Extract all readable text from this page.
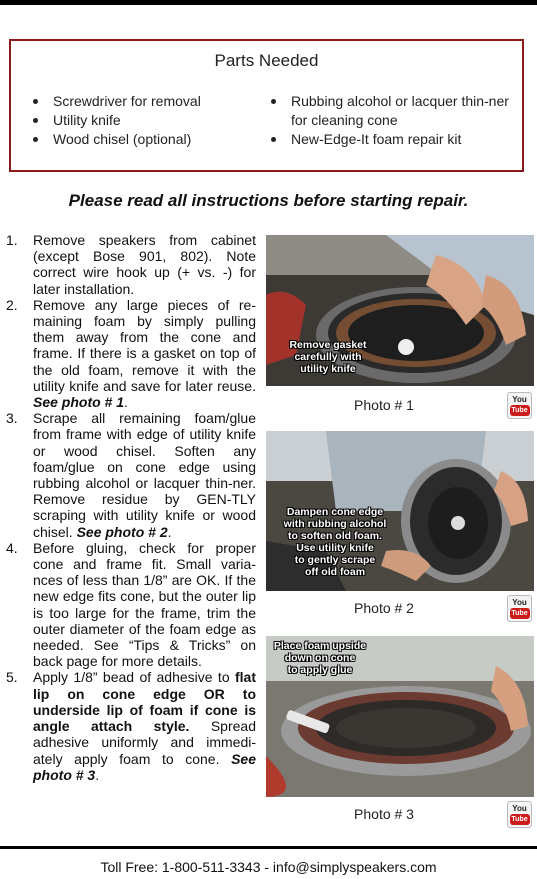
Parts Needed
Screwdriver for removal
Utility knife
Wood chisel (optional)
Rubbing alcohol or lacquer thin-ner for cleaning cone
New-Edge-It foam repair kit
Please read all instructions before starting repair.
1. Remove speakers from cabinet (except Bose 901, 802). Note correct wire hook up (+ vs. -) for later installation.
2. Remove any large pieces of re-maining foam by simply pulling them away from the cone and frame. If there is a gasket on top of the old foam, remove it with the utility knife and save for later reuse. See photo # 1.
3. Scrape all remaining foam/glue from frame with edge of utility knife or wood chisel. Soften any foam/glue on cone edge using rubbing alcohol or lacquer thin-ner. Remove residue by GEN-TLY scraping with utility knife or wood chisel. See photo # 2.
4. Before gluing, check for proper cone and frame fit. Small varia-nces of less than 1/8” are OK. If the new edge fits cone, but the outer lip is too large for the frame, trim the outer diameter of the foam edge as needed. See “Tips & Tricks” on back page for more details.
5. Apply 1/8” bead of adhesive to flat lip on cone edge OR to underside lip of foam if cone is angle attach style. Spread adhesive uniformly and immedi-ately apply foam to cone. See photo # 3.
Remove gasket
carefully with
utility knife
Photo # 1	You
Tube
Dampen cone edge
with rubbing alcohol
to soften old foam.
Use utility knife
to gently scrape
off old foam
Photo # 2	You
Tube
Place foam upside
down on cone
to apply glue
Photo # 3	You
Tube
Toll Free: 1-800-511-3343 - info@simplyspeakers.com
